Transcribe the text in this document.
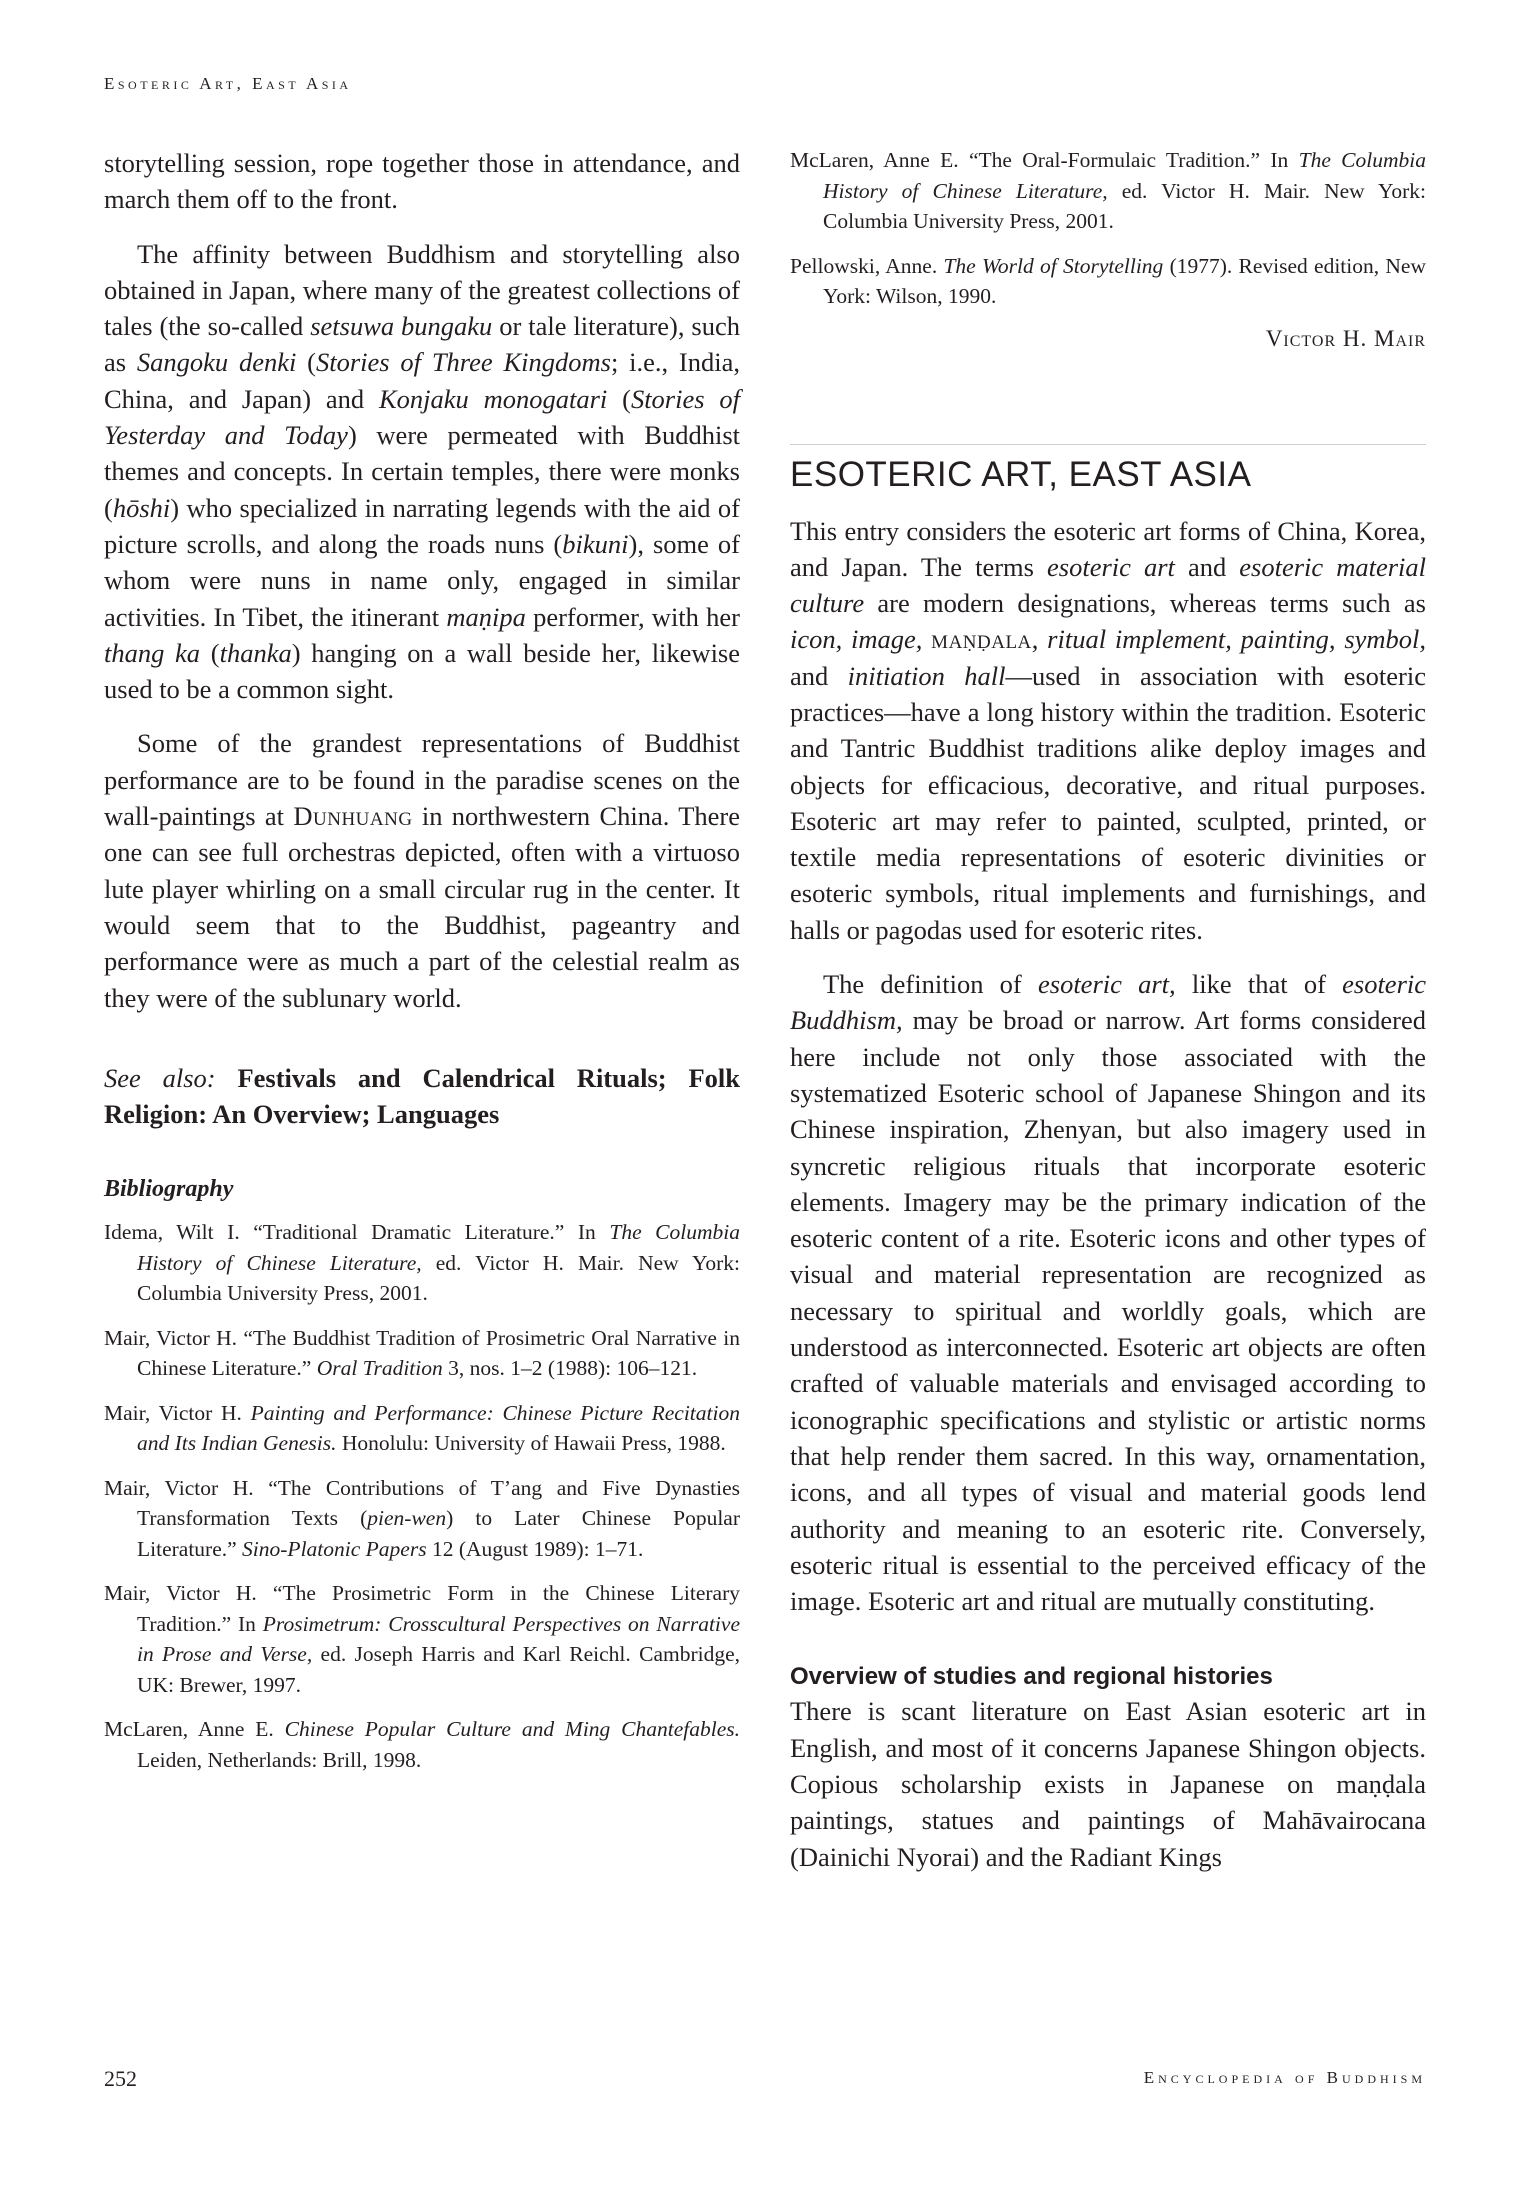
Esoteric Art, East Asia

storytelling session, rope together those in attendance, and march them off to the front.

The affinity between Buddhism and storytelling also obtained in Japan, where many of the greatest collections of tales (the so-called setsuwa bungaku or tale literature), such as Sangoku denki (Stories of Three Kingdoms; i.e., India, China, and Japan) and Konjaku monogatari (Stories of Yesterday and Today) were permeated with Buddhist themes and concepts. In certain temples, there were monks (hōshi) who specialized in narrating legends with the aid of picture scrolls, and along the roads nuns (bikuni), some of whom were nuns in name only, engaged in similar activities. In Tibet, the itinerant maṇipa performer, with her thang ka (thanka) hanging on a wall beside her, likewise used to be a common sight.

Some of the grandest representations of Buddhist performance are to be found in the paradise scenes on the wall-paintings at Dunhuang in northwestern China. There one can see full orchestras depicted, often with a virtuoso lute player whirling on a small circular rug in the center. It would seem that to the Buddhist, pageantry and performance were as much a part of the celestial realm as they were of the sublunary world.

See also: Festivals and Calendrical Rituals; Folk Religion: An Overview; Languages

Bibliography
Idema, Wilt I. “Traditional Dramatic Literature.” In The Columbia History of Chinese Literature, ed. Victor H. Mair. New York: Columbia University Press, 2001.
Mair, Victor H. “The Buddhist Tradition of Prosimetric Oral Narrative in Chinese Literature.” Oral Tradition 3, nos. 1–2 (1988): 106–121.
Mair, Victor H. Painting and Performance: Chinese Picture Recitation and Its Indian Genesis. Honolulu: University of Hawaii Press, 1988.
Mair, Victor H. “The Contributions of T’ang and Five Dynasties Transformation Texts (pien-wen) to Later Chinese Popular Literature.” Sino-Platonic Papers 12 (August 1989): 1–71.
Mair, Victor H. “The Prosimetric Form in the Chinese Literary Tradition.” In Prosimetrum: Crosscultural Perspectives on Narrative in Prose and Verse, ed. Joseph Harris and Karl Reichl. Cambridge, UK: Brewer, 1997.
McLaren, Anne E. Chinese Popular Culture and Ming Chantefables. Leiden, Netherlands: Brill, 1998.
McLaren, Anne E. “The Oral-Formulaic Tradition.” In The Columbia History of Chinese Literature, ed. Victor H. Mair. New York: Columbia University Press, 2001.
Pellowski, Anne. The World of Storytelling (1977). Revised edition, New York: Wilson, 1990.
Victor H. Mair
ESOTERIC ART, EAST ASIA

This entry considers the esoteric art forms of China, Korea, and Japan. The terms esoteric art and esoteric material culture are modern designations, whereas terms such as icon, image, maṇḍala, ritual implement, painting, symbol, and initiation hall—used in association with esoteric practices—have a long history within the tradition. Esoteric and Tantric Buddhist traditions alike deploy images and objects for efficacious, decorative, and ritual purposes. Esoteric art may refer to painted, sculpted, printed, or textile media representations of esoteric divinities or esoteric symbols, ritual implements and furnishings, and halls or pagodas used for esoteric rites.

The definition of esoteric art, like that of esoteric Buddhism, may be broad or narrow. Art forms considered here include not only those associated with the systematized Esoteric school of Japanese Shingon and its Chinese inspiration, Zhenyan, but also imagery used in syncretic religious rituals that incorporate esoteric elements. Imagery may be the primary indication of the esoteric content of a rite. Esoteric icons and other types of visual and material representation are recognized as necessary to spiritual and worldly goals, which are understood as interconnected. Esoteric art objects are often crafted of valuable materials and envisaged according to iconographic specifications and stylistic or artistic norms that help render them sacred. In this way, ornamentation, icons, and all types of visual and material goods lend authority and meaning to an esoteric rite. Conversely, esoteric ritual is essential to the perceived efficacy of the image. Esoteric art and ritual are mutually constituting.

Overview of studies and regional histories

There is scant literature on East Asian esoteric art in English, and most of it concerns Japanese Shingon objects. Copious scholarship exists in Japanese on maṇḍala paintings, statues and paintings of Mahāvairocana (Dainichi Nyorai) and the Radiant Kings

252	Encyclopedia of Buddhism
